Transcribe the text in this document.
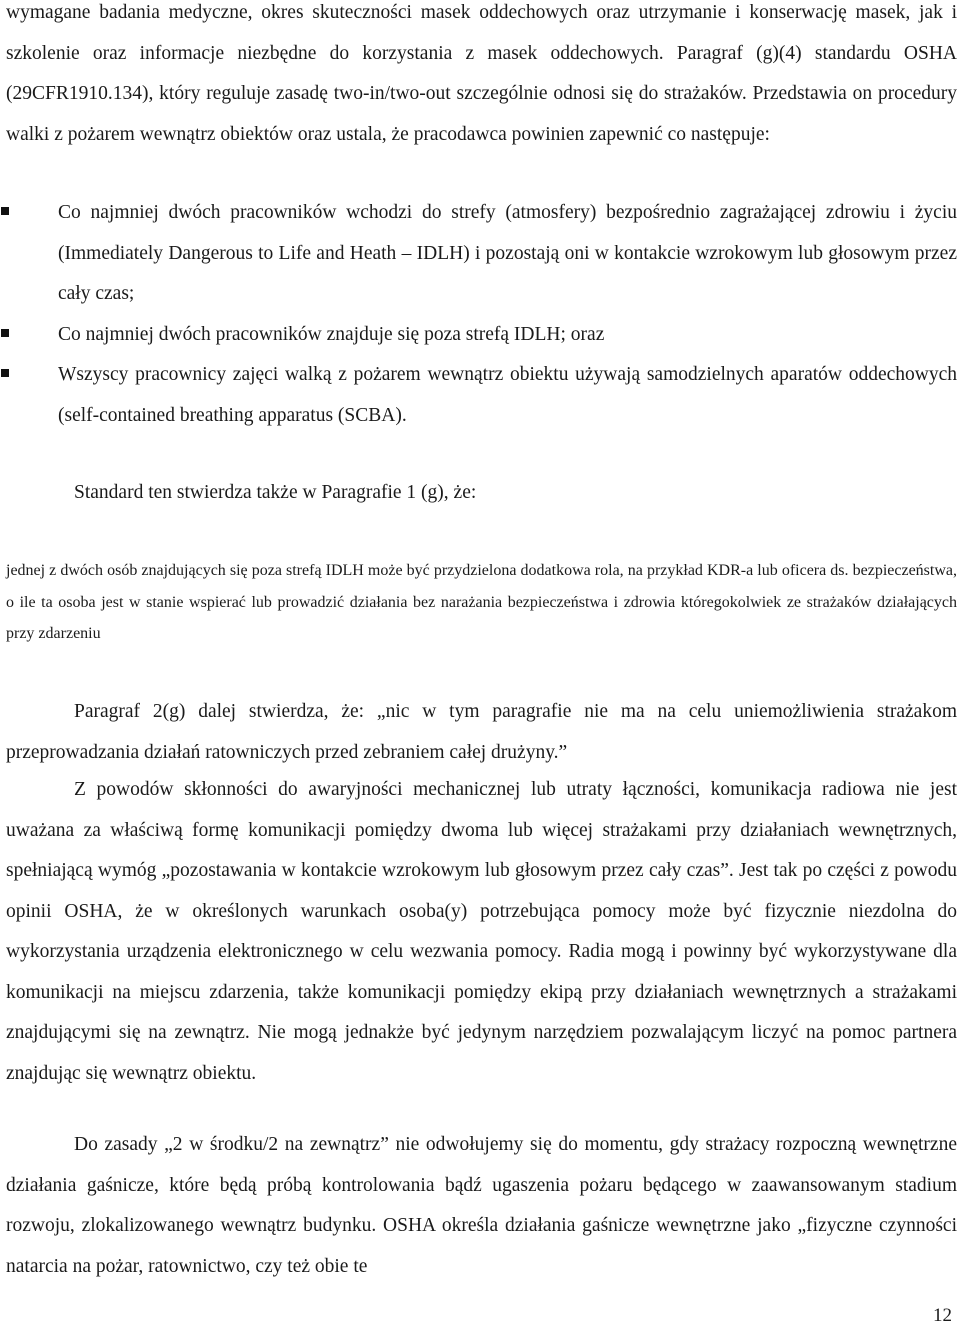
wymagane badania medyczne, okres skuteczności masek oddechowych oraz utrzymanie i konserwację masek, jak i szkolenie oraz informacje niezbędne do korzystania z masek oddechowych. Paragraf (g)(4) standardu OSHA (29CFR1910.134), który reguluje zasadę two-in/two-out szczególnie odnosi się do strażaków. Przedstawia on procedury walki z pożarem wewnątrz obiektów oraz ustala, że pracodawca powinien zapewnić co następuje:

Co najmniej dwóch pracowników wchodzi do strefy (atmosfery) bezpośrednio zagrażającej zdrowiu i życiu (Immediately Dangerous to Life and Heath – IDLH) i pozostają oni w kontakcie wzrokowym lub głosowym przez cały czas;
Co najmniej dwóch pracowników znajduje się poza strefą IDLH; oraz
Wszyscy pracownicy zajęci walką z pożarem wewnątrz obiektu używają samodzielnych aparatów oddechowych (self-contained breathing apparatus (SCBA).

Standard ten stwierdza także w Paragrafie 1 (g), że:

jednej z dwóch osób znajdujących się poza strefą IDLH może być przydzielona dodatkowa rola, na przykład KDR-a lub oficera ds. bezpieczeństwa, o ile ta osoba jest w stanie wspierać lub prowadzić działania bez narażania bezpieczeństwa i zdrowia któregokolwiek ze strażaków działających przy zdarzeniu

Paragraf 2(g) dalej stwierdza, że: „nic w tym paragrafie nie ma na celu uniemożliwienia strażakom przeprowadzania działań ratowniczych przed zebraniem całej drużyny.”

Z powodów skłonności do awaryjności mechanicznej lub utraty łączności, komunikacja radiowa nie jest uważana za właściwą formę komunikacji pomiędzy dwoma lub więcej strażakami przy działaniach wewnętrznych, spełniającą wymóg „pozostawania w kontakcie wzrokowym lub głosowym przez cały czas”. Jest tak po części z powodu opinii OSHA, że w określonych warunkach osoba(y) potrzebująca pomocy może być fizycznie niezdolna do wykorzystania urządzenia elektronicznego w celu wezwania pomocy. Radia mogą i powinny być wykorzystywane dla komunikacji na miejscu zdarzenia, także komunikacji pomiędzy ekipą przy działaniach wewnętrznych a strażakami znajdującymi się na zewnątrz. Nie mogą jednakże być jedynym narzędziem pozwalającym liczyć na pomoc partnera znajdując się wewnątrz obiektu.

Do zasady „2 w środku/2 na zewnątrz” nie odwołujemy się do momentu, gdy strażacy rozpoczną wewnętrzne działania gaśnicze, które będą próbą kontrolowania bądź ugaszenia pożaru będącego w zaawansowanym stadium rozwoju, zlokalizowanego wewnątrz budynku. OSHA określa działania gaśnicze wewnętrzne jako „fizyczne czynności natarcia na pożar, ratownictwo, czy też obie te

12
